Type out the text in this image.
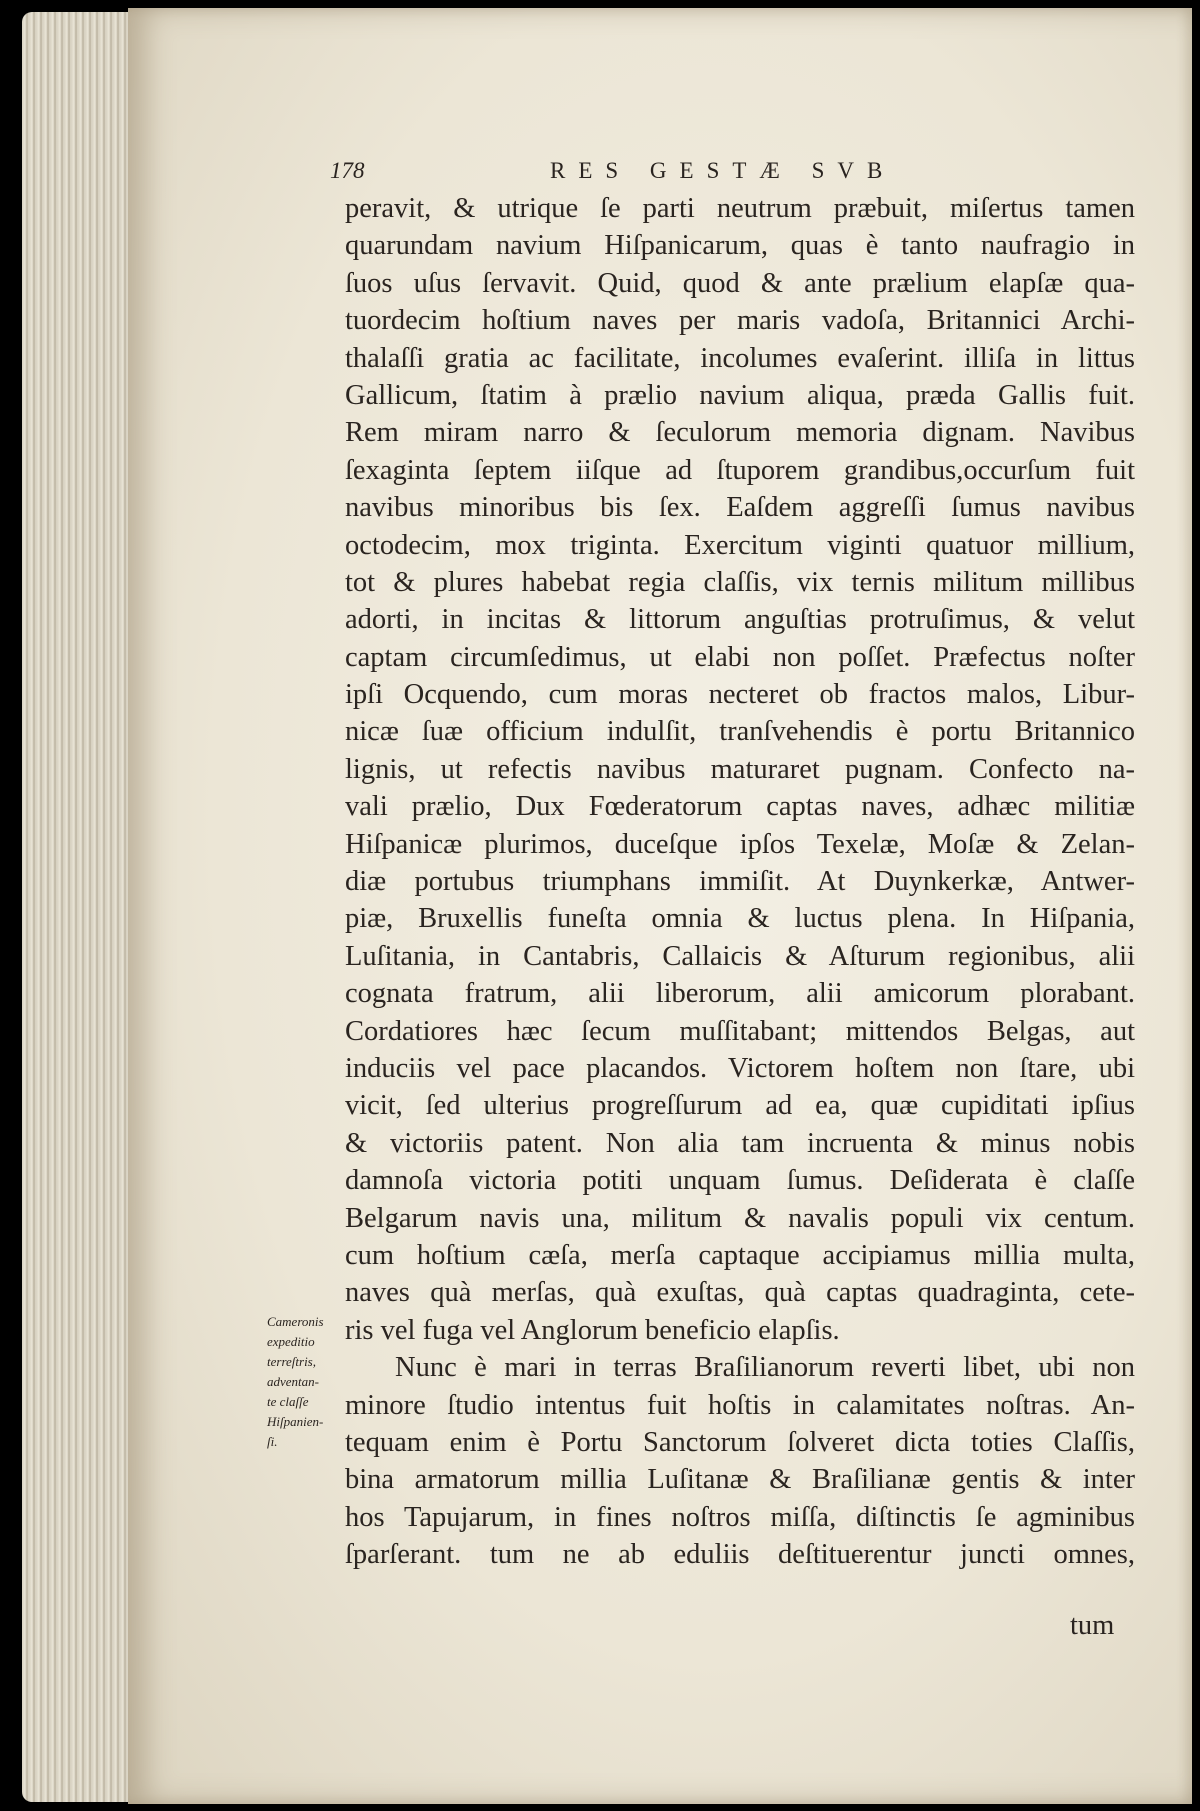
178	RES GESTÆ SVB
peravit, & utrique ſe parti neutrum præbuit, miſertus tamen
quarundam navium Hiſpanicarum, quas è tanto naufragio in
ſuos uſus ſervavit. Quid, quod & ante prælium elapſæ qua-
tuordecim hoſtium naves per maris vadoſa, Britannici Archi-
thalaſſi gratia ac facilitate, incolumes evaſerint. illiſa in littus
Gallicum, ſtatim à prælio navium aliqua, præda Gallis fuit.
Rem miram narro & ſeculorum memoria dignam. Navibus
ſexaginta ſeptem iiſque ad ſtuporem grandibus,occurſum fuit
navibus minoribus bis ſex. Eaſdem aggreſſi ſumus navibus
octodecim, mox triginta. Exercitum viginti quatuor millium,
tot & plures habebat regia claſſis, vix ternis militum millibus
adorti, in incitas & littorum anguſtias protruſimus, & velut
captam circumſedimus, ut elabi non poſſet. Præfectus noſter
ipſi Ocquendo, cum moras necteret ob fractos malos, Libur-
nicæ ſuæ officium indulſit, tranſvehendis è portu Britannico
lignis, ut refectis navibus maturaret pugnam. Confecto na-
vali prælio, Dux Fœderatorum captas naves, adhæc militiæ
Hiſpanicæ plurimos, duceſque ipſos Texelæ, Moſæ & Zelan-
diæ portubus triumphans immiſit. At Duynkerkæ, Antwer-
piæ, Bruxellis funeſta omnia & luctus plena. In Hiſpania,
Luſitania, in Cantabris, Callaicis & Aſturum regionibus, alii
cognata fratrum, alii liberorum, alii amicorum plorabant.
Cordatiores hæc ſecum muſſitabant; mittendos Belgas, aut
induciis vel pace placandos. Victorem hoſtem non ſtare, ubi
vicit, ſed ulterius progreſſurum ad ea, quæ cupiditati ipſius
& victoriis patent. Non alia tam incruenta & minus nobis
damnoſa victoria potiti unquam ſumus. Deſiderata è claſſe
Belgarum navis una, militum & navalis populi vix centum.
cum hoſtium cæſa, merſa captaque accipiamus millia multa,
naves quà merſas, quà exuſtas, quà captas quadraginta, cete-
ris vel fuga vel Anglorum beneficio elapſis.
Nunc è mari in terras Braſilianorum reverti libet, ubi non
minore ſtudio intentus fuit hoſtis in calamitates noſtras. An-
tequam enim è Portu Sanctorum ſolveret dicta toties Claſſis,
bina armatorum millia Luſitanæ & Braſilianæ gentis & inter
hos Tapujarum, in fines noſtros miſſa, diſtinctis ſe agminibus
ſparſerant. tum ne ab eduliis deſtituerentur juncti omnes,
Cameronis
expeditio
terreſtris,
adventan-
te claſſe
Hiſpanien-
ſi.
tum
